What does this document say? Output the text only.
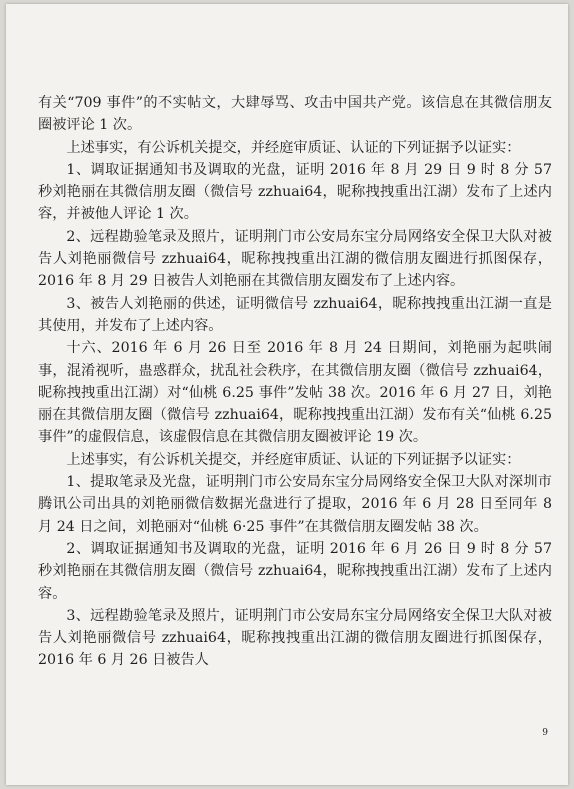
有关“709 事件”的不实帖文，大肆辱骂、攻击中国共产党。该信息在其微信朋友圈被评论 1 次。

上述事实，有公诉机关提交，并经庭审质证、认证的下列证据予以证实：

1、调取证据通知书及调取的光盘，证明 2016 年 8 月 29 日 9 时 8 分 57 秒刘艳丽在其微信朋友圈（微信号 zzhuai64，昵称拽拽重出江湖）发布了上述内容，并被他人评论 1 次。

2、远程勘验笔录及照片，证明荆门市公安局东宝分局网络安全保卫大队对被告人刘艳丽微信号 zzhuai64，昵称拽拽重出江湖的微信朋友圈进行抓图保存，2016 年 8 月 29 日被告人刘艳丽在其微信朋友圈发布了上述内容。

3、被告人刘艳丽的供述，证明微信号 zzhuai64，昵称拽拽重出江湖一直是其使用，并发布了上述内容。

十六、2016 年 6 月 26 日至 2016 年 8 月 24 日期间，刘艳丽为起哄闹事，混淆视听，蛊惑群众，扰乱社会秩序，在其微信朋友圈（微信号 zzhuai64，昵称拽拽重出江湖）对“仙桃 6.25 事件”发帖 38 次。2016 年 6 月 27 日，刘艳丽在其微信朋友圈（微信号 zzhuai64，昵称拽拽重出江湖）发布有关“仙桃 6.25 事件”的虚假信息，该虚假信息在其微信朋友圈被评论 19 次。

上述事实，有公诉机关提交，并经庭审质证、认证的下列证据予以证实：

1、提取笔录及光盘，证明荆门市公安局东宝分局网络安全保卫大队对深圳市腾讯公司出具的刘艳丽微信数据光盘进行了提取，2016 年 6 月 28 日至同年 8 月 24 日之间，刘艳丽对“仙桃 6·25 事件”在其微信朋友圈发帖 38 次。

2、调取证据通知书及调取的光盘，证明 2016 年 6 月 26 日 9 时 8 分 57 秒刘艳丽在其微信朋友圈（微信号 zzhuai64，昵称拽拽重出江湖）发布了上述内容。

3、远程勘验笔录及照片，证明荆门市公安局东宝分局网络安全保卫大队对被告人刘艳丽微信号 zzhuai64，昵称拽拽重出江湖的微信朋友圈进行抓图保存，2016 年 6 月 26 日被告人

9
